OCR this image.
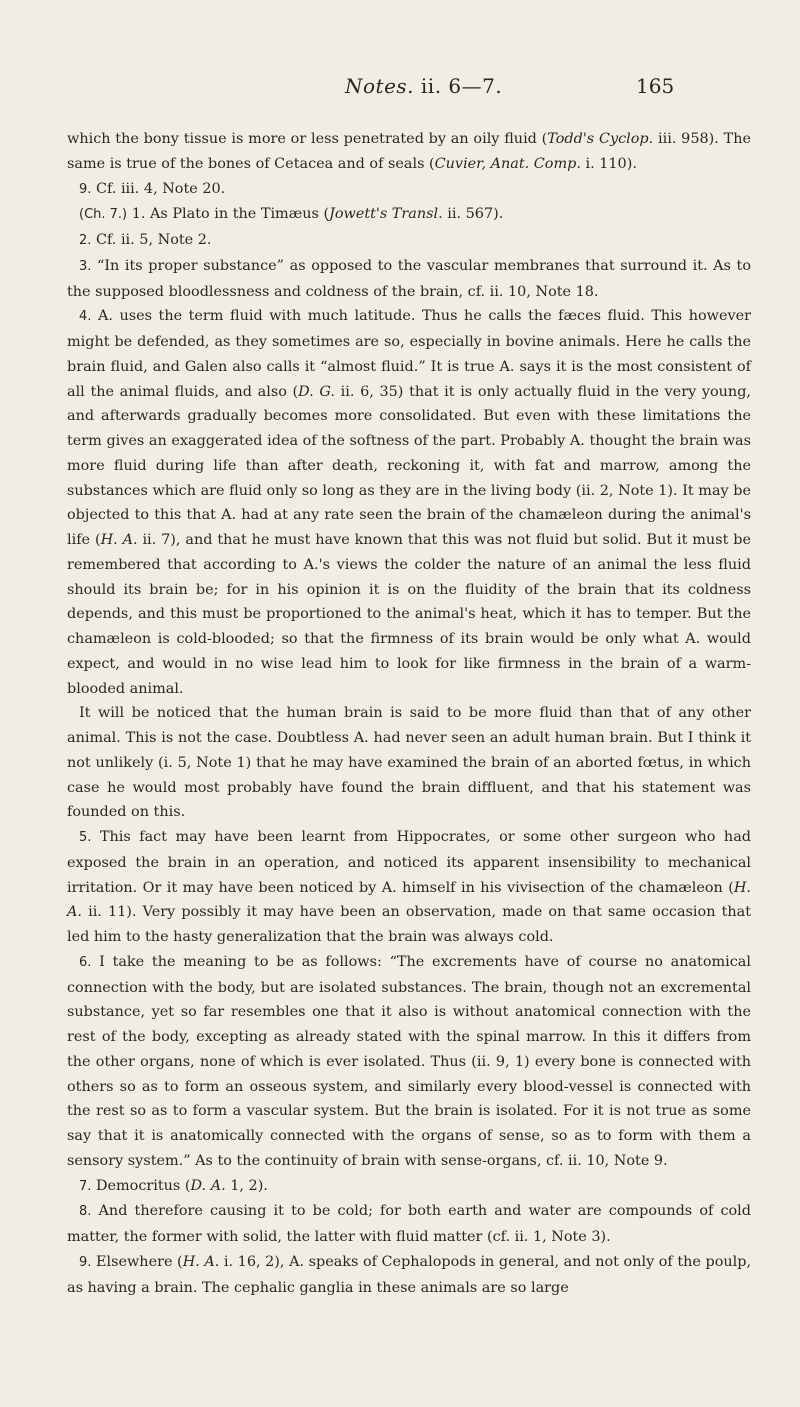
Notes. ii. 6—7.	165

which the bony tissue is more or less penetrated by an oily fluid (Todd's Cyclop. iii. 958). The same is true of the bones of Cetacea and of seals (Cuvier, Anat. Comp. i. 110).

9. Cf. iii. 4, Note 20.

(Ch. 7.) 1. As Plato in the Timæus (Jowett's Transl. ii. 567).

2. Cf. ii. 5, Note 2.

3. “In its proper substance” as opposed to the vascular membranes that surround it. As to the supposed bloodlessness and coldness of the brain, cf. ii. 10, Note 18.

4. A. uses the term fluid with much latitude. Thus he calls the fæces fluid. This however might be defended, as they sometimes are so, especially in bovine animals. Here he calls the brain fluid, and Galen also calls it “almost fluid.” It is true A. says it is the most consistent of all the animal fluids, and also (D. G. ii. 6, 35) that it is only actually fluid in the very young, and afterwards gradually becomes more consolidated. But even with these limitations the term gives an exaggerated idea of the softness of the part. Probably A. thought the brain was more fluid during life than after death, reckoning it, with fat and marrow, among the substances which are fluid only so long as they are in the living body (ii. 2, Note 1). It may be objected to this that A. had at any rate seen the brain of the chamæleon during the animal's life (H. A. ii. 7), and that he must have known that this was not fluid but solid. But it must be remembered that according to A.'s views the colder the nature of an animal the less fluid should its brain be; for in his opinion it is on the fluidity of the brain that its coldness depends, and this must be proportioned to the animal's heat, which it has to temper. But the chamæleon is cold-blooded; so that the firmness of its brain would be only what A. would expect, and would in no wise lead him to look for like firmness in the brain of a warm-blooded animal.

It will be noticed that the human brain is said to be more fluid than that of any other animal. This is not the case. Doubtless A. had never seen an adult human brain. But I think it not unlikely (i. 5, Note 1) that he may have examined the brain of an aborted fœtus, in which case he would most probably have found the brain diffluent, and that his statement was founded on this.

5. This fact may have been learnt from Hippocrates, or some other surgeon who had exposed the brain in an operation, and noticed its apparent insensibility to mechanical irritation. Or it may have been noticed by A. himself in his vivisection of the chamæleon (H. A. ii. 11). Very possibly it may have been an observation, made on that same occasion that led him to the hasty generalization that the brain was always cold.

6. I take the meaning to be as follows: “The excrements have of course no anatomical connection with the body, but are isolated substances. The brain, though not an excremental substance, yet so far resembles one that it also is without anatomical connection with the rest of the body, excepting as already stated with the spinal marrow. In this it differs from the other organs, none of which is ever isolated. Thus (ii. 9, 1) every bone is connected with others so as to form an osseous system, and similarly every blood-vessel is connected with the rest so as to form a vascular system. But the brain is isolated. For it is not true as some say that it is anatomically connected with the organs of sense, so as to form with them a sensory system.” As to the continuity of brain with sense-organs, cf. ii. 10, Note 9.

7. Democritus (D. A. 1, 2).

8. And therefore causing it to be cold; for both earth and water are compounds of cold matter, the former with solid, the latter with fluid matter (cf. ii. 1, Note 3).

9. Elsewhere (H. A. i. 16, 2), A. speaks of Cephalopods in general, and not only of the poulp, as having a brain. The cephalic ganglia in these animals are so large
